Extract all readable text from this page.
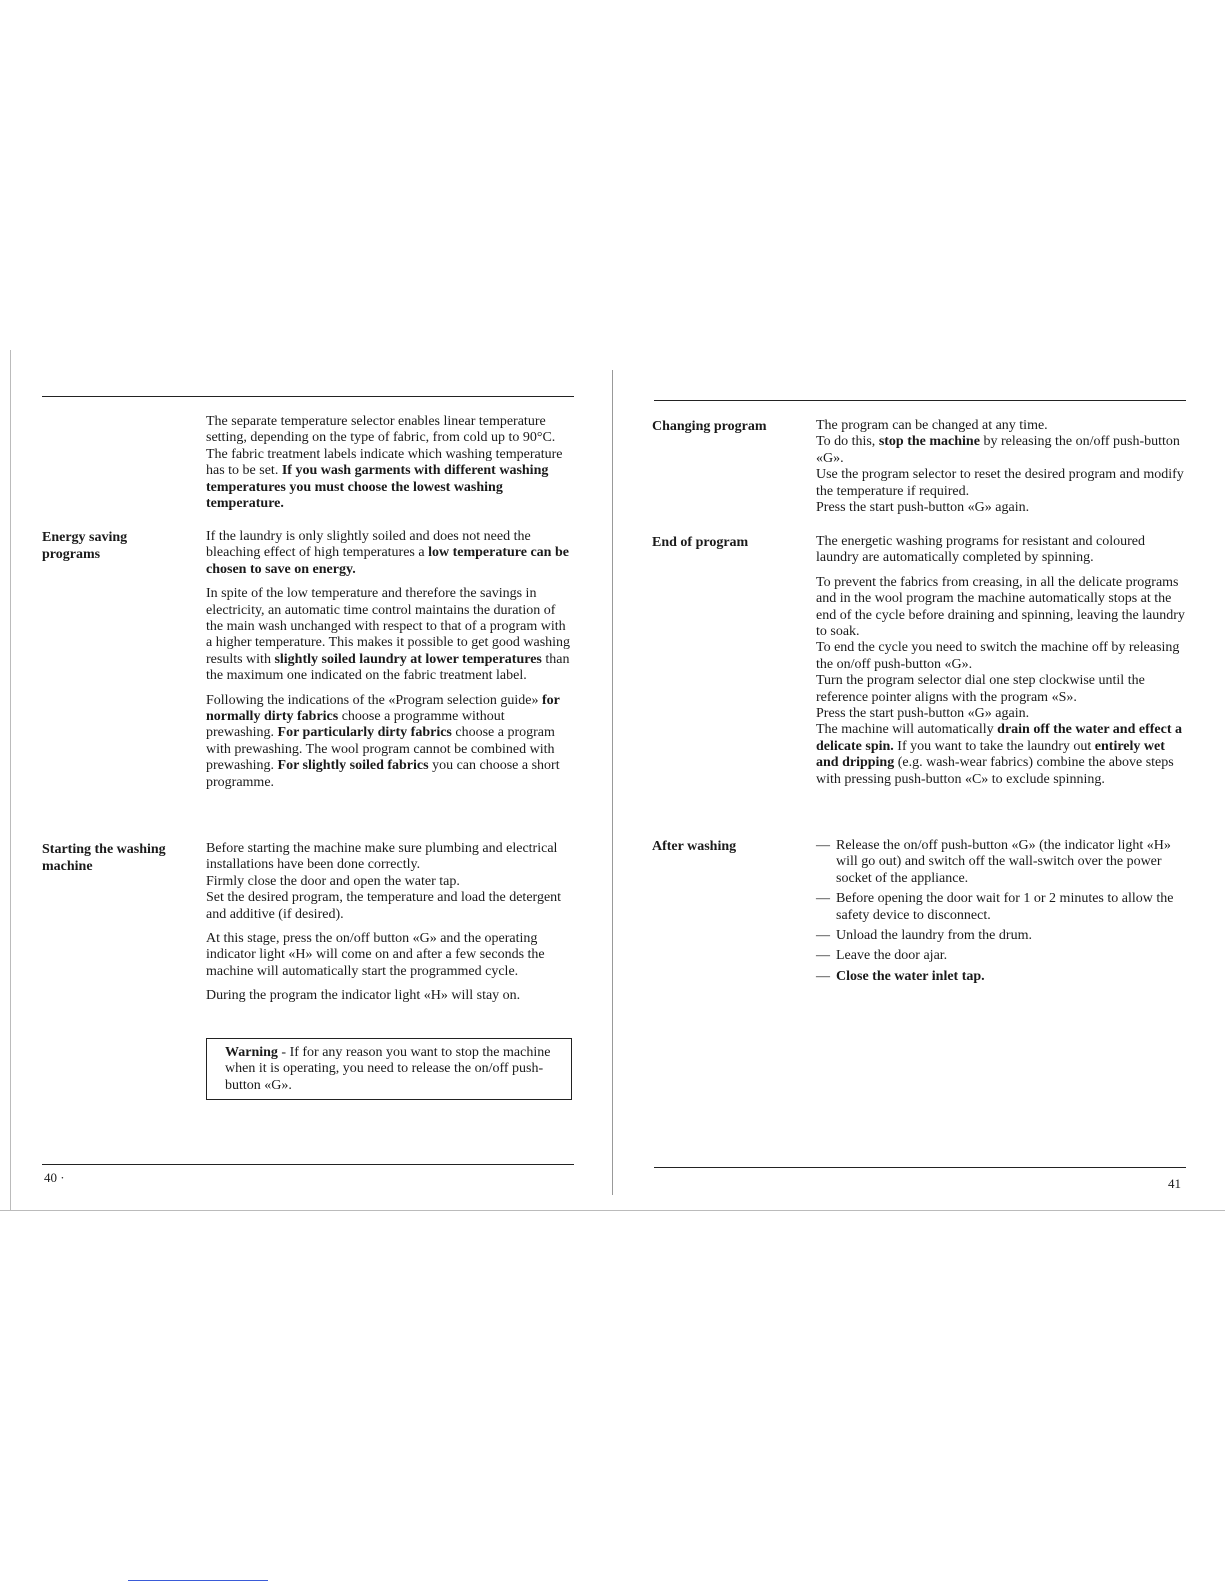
The separate temperature selector enables linear temperature setting, depending on the type of fabric, from cold up to 90°C. The fabric treatment labels indicate which washing temperature has to be set. If you wash garments with different washing temperatures you must choose the lowest washing temperature.

Energy saving programs

If the laundry is only slightly soiled and does not need the bleaching effect of high temperatures a low temperature can be chosen to save on energy.

In spite of the low temperature and therefore the savings in electricity, an automatic time control maintains the duration of the main wash unchanged with respect to that of a program with a higher temperature. This makes it possible to get good washing results with slightly soiled laundry at lower temperatures than the maximum one indicated on the fabric treatment label.

Following the indications of the «Program selection guide» for normally dirty fabrics choose a programme without prewashing. For particularly dirty fabrics choose a program with prewashing. The wool program cannot be combined with prewashing. For slightly soiled fabrics you can choose a short programme.

Starting the washing machine

Before starting the machine make sure plumbing and electrical installations have been done correctly.

Firmly close the door and open the water tap.

Set the desired program, the temperature and load the detergent and additive (if desired).

At this stage, press the on/off button «G» and the operating indicator light «H» will come on and after a few seconds the machine will automatically start the programmed cycle.

During the program the indicator light «H» will stay on.

Warning - If for any reason you want to stop the machine when it is operating, you need to release the on/off push-button «G».
40 ·
Changing program	The program can be changed at any time.

To do this, stop the machine by releasing the on/off push-button «G».

Use the program selector to reset the desired program and modify the temperature if required.

Press the start push-button «G» again.

End of program	The energetic washing programs for resistant and coloured laundry are automatically completed by spinning.

To prevent the fabrics from creasing, in all the delicate programs and in the wool program the machine automatically stops at the end of the cycle before draining and spinning, leaving the laundry to soak.

To end the cycle you need to switch the machine off by releasing the on/off push-button «G».

Turn the program selector dial one step clockwise until the reference pointer aligns with the program «S».

Press the start push-button «G» again.

The machine will automatically drain off the water and effect a delicate spin. If you want to take the laundry out entirely wet and dripping (e.g. wash-wear fabrics) combine the above steps with pressing push-button «C» to exclude spinning.

After washing
—	Release the on/off push-button «G» (the indicator light «H» will go out) and switch off the wall-switch over the power socket of the appliance.
— Before opening the door wait for 1 or 2 minutes to allow the safety device to disconnect.
— Unload the laundry from the drum.
— Leave the door ajar.
— Close the water inlet tap.
41
